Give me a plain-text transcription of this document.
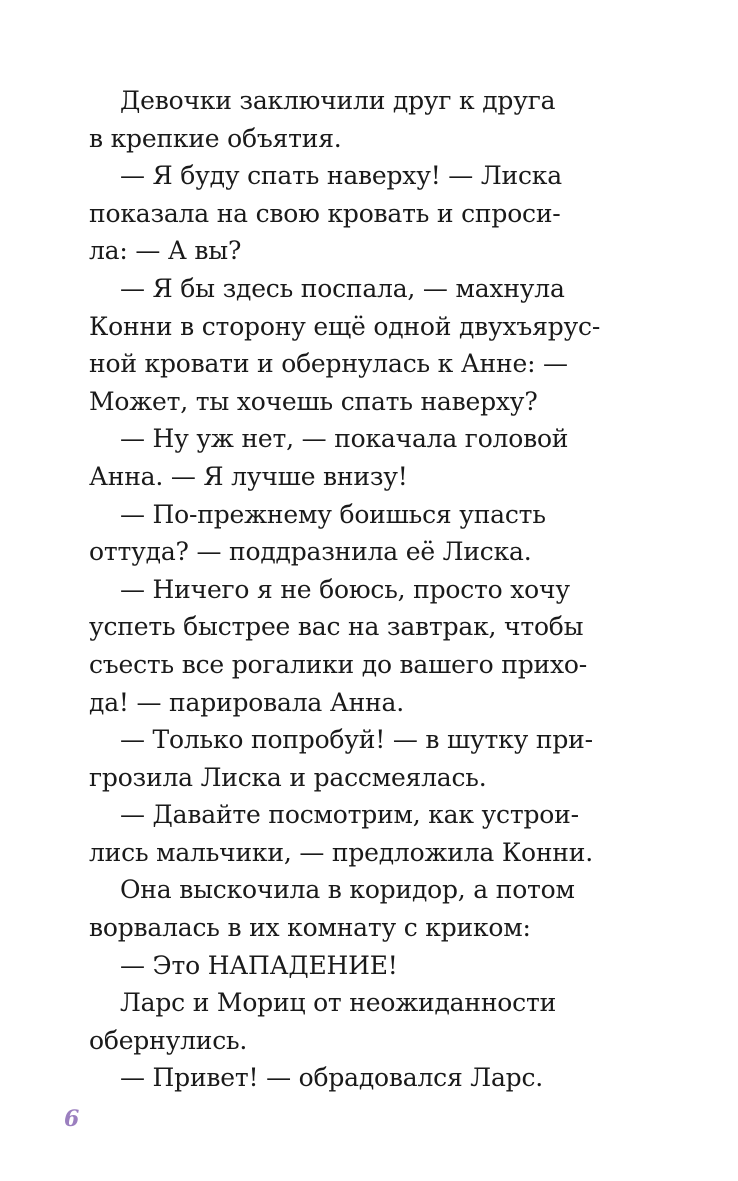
Девочки заключили друг к друга
в крепкие объятия.
— Я буду спать наверху! — Лиска
показала на свою кровать и спроси-
ла: — А вы?
— Я бы здесь поспала, — махнула
Конни в сторону ещё одной двухъярус-
ной кровати и обернулась к Анне: —
Может, ты хочешь спать наверху?
— Ну уж нет, — покачала головой
Анна. — Я лучше внизу!
— По-прежнему боишься упасть
оттуда? — поддразнила её Лиска.
— Ничего я не боюсь, просто хочу
успеть быстрее вас на завтрак, чтобы
съесть все рогалики до вашего прихо-
да! — парировала Анна.
— Только попробуй! — в шутку при-
грозила Лиска и рассмеялась.
— Давайте посмотрим, как устрои-
лись мальчики, — предложила Конни.
Она выскочила в коридор, а потом
ворвалась в их комнату с криком:
— Это НАПАДЕНИЕ!
Ларс и Мориц от неожиданности
обернулись.
— Привет! — обрадовался Ларс.
6
